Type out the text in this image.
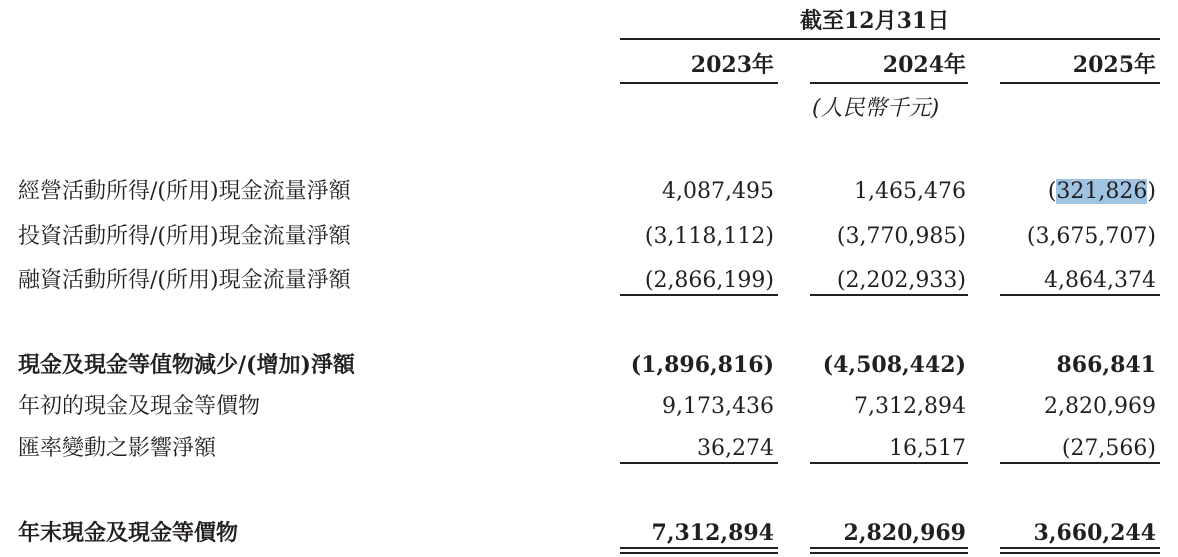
截至12月31日
2023年	2024年	2025年
(人民幣千元)
經營活動所得/(所用)現金流量淨額	4,087,495	1,465,476	(321,826)
投資活動所得/(所用)現金流量淨額	(3,118,112)	(3,770,985)	(3,675,707)
融資活動所得/(所用)現金流量淨額	(2,866,199)	(2,202,933)	4,864,374
現金及現金等值物減少/(增加)淨額	(1,896,816)	(4,508,442)	866,841
年初的現金及現金等價物	9,173,436	7,312,894	2,820,969
匯率變動之影響淨額	36,274	16,517	(27,566)
年末現金及現金等價物	7,312,894	2,820,969	3,660,244
